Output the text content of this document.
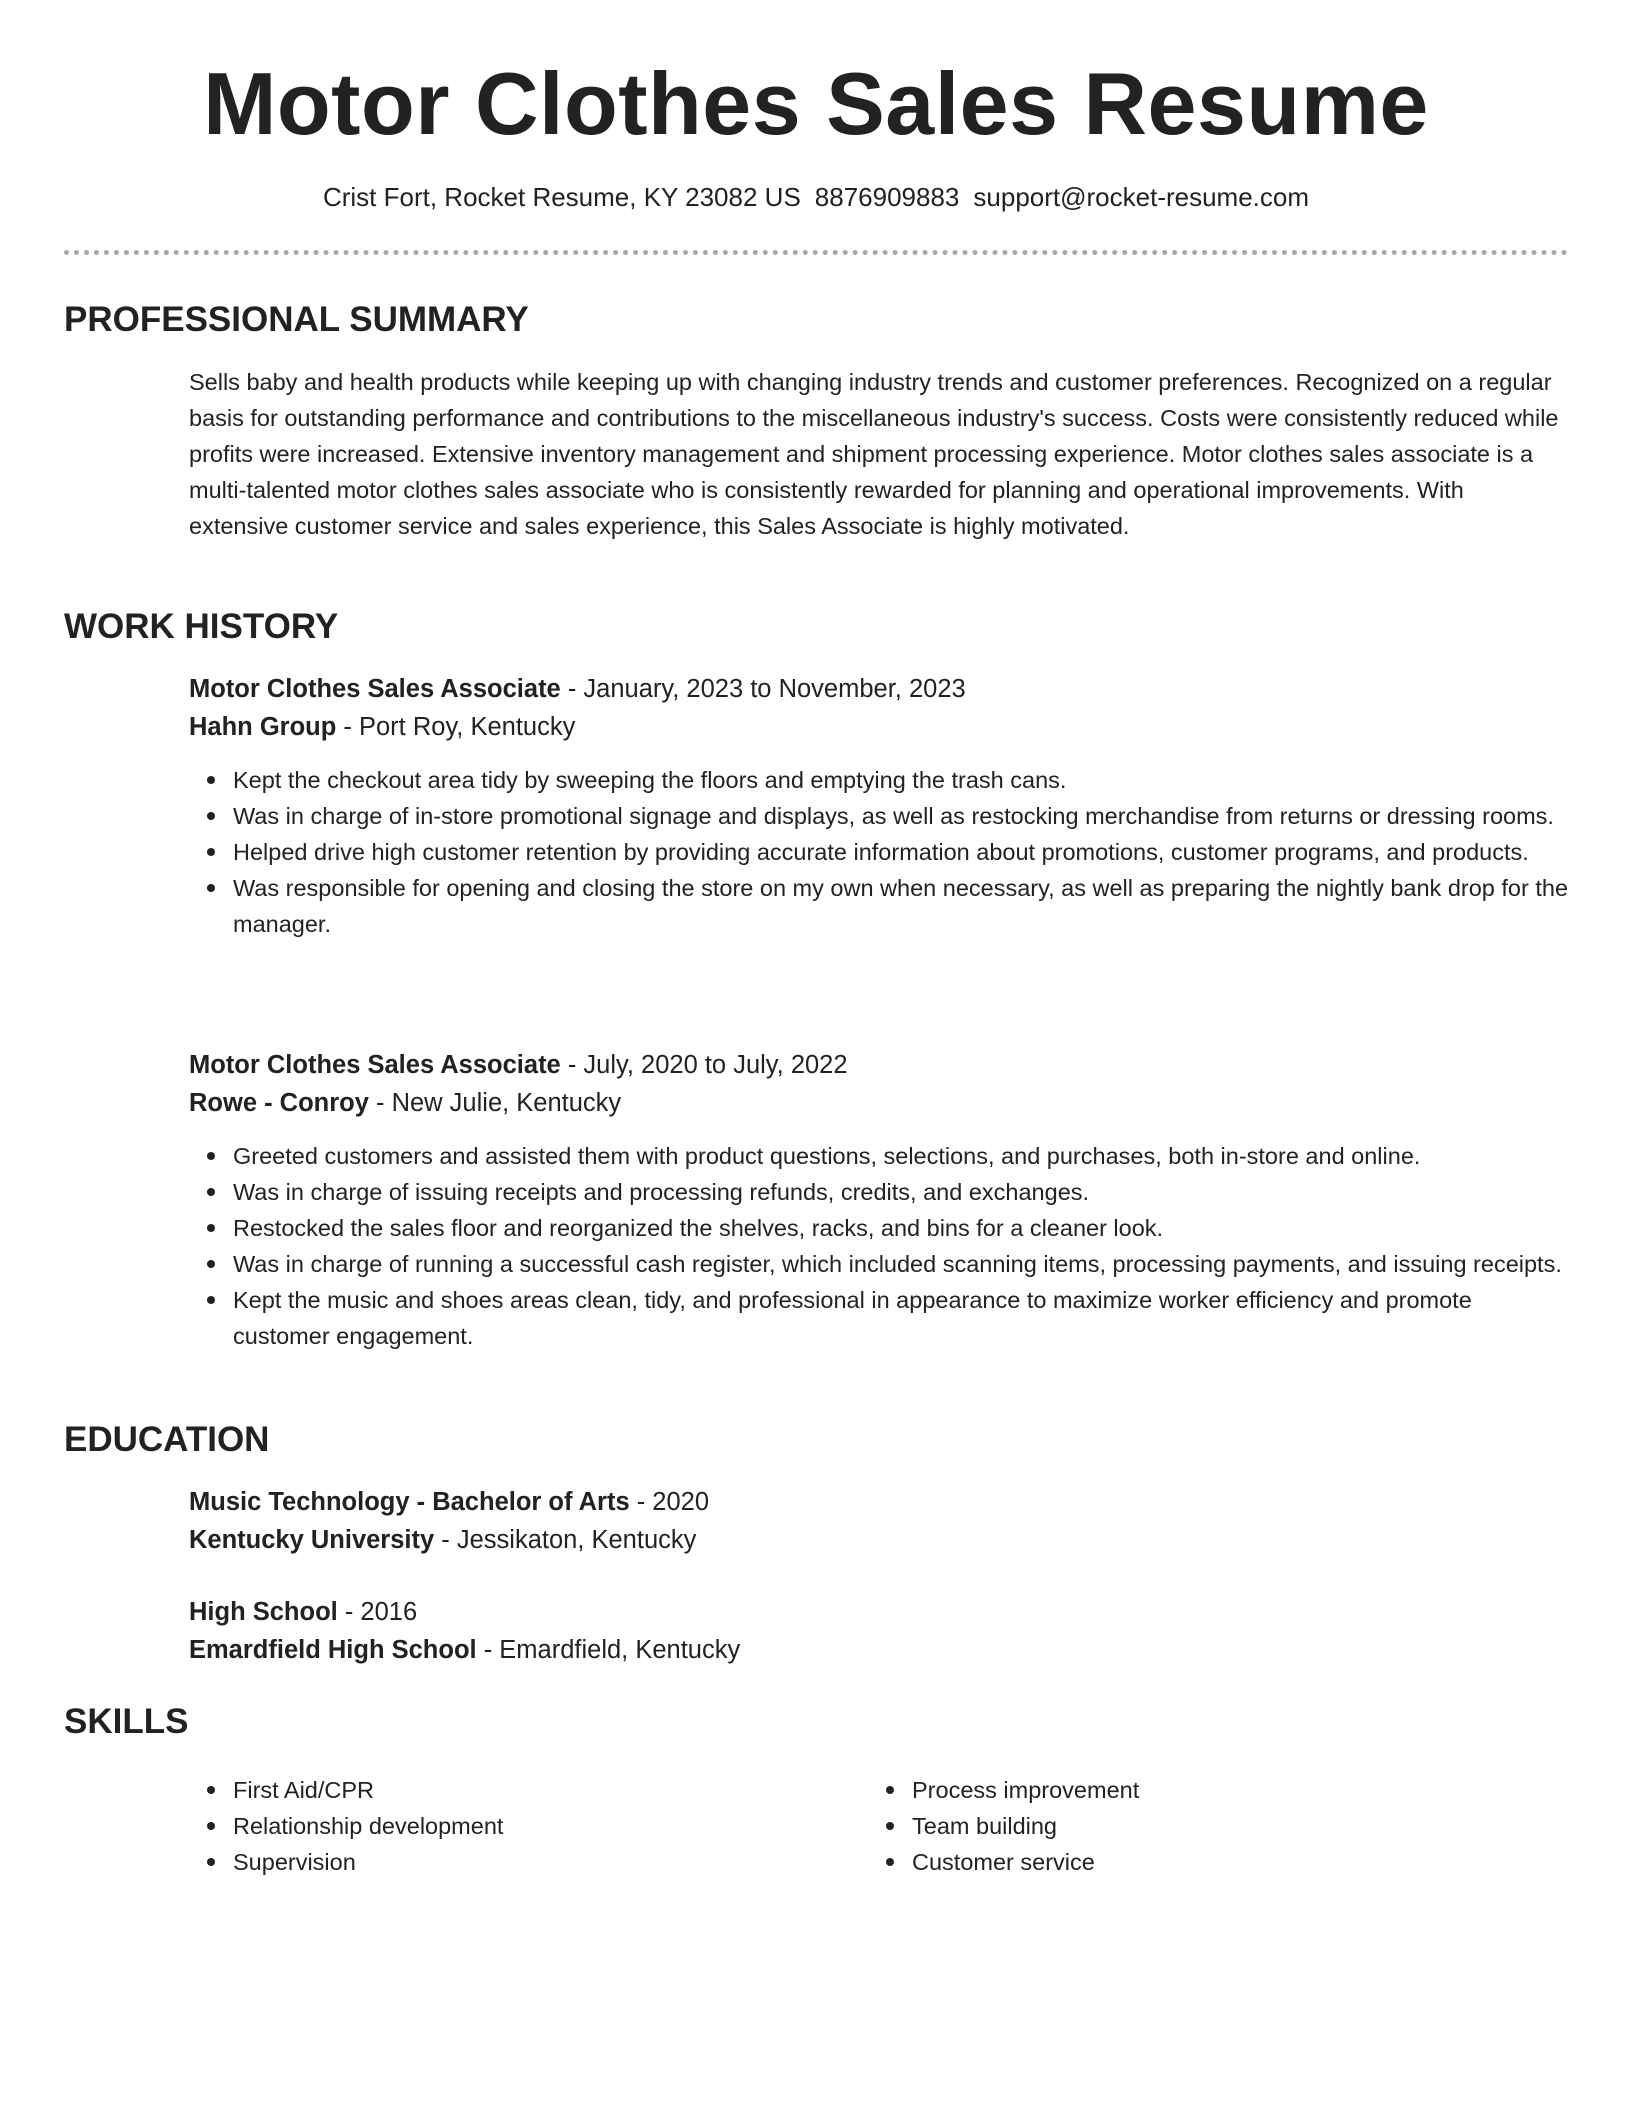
Motor Clothes Sales Resume
Crist Fort, Rocket Resume, KY 23082 US 8876909883 support@rocket-resume.com
PROFESSIONAL SUMMARY
Sells baby and health products while keeping up with changing industry trends and customer preferences. Recognized on a regular basis for outstanding performance and contributions to the miscellaneous industry's success. Costs were consistently reduced while profits were increased. Extensive inventory management and shipment processing experience. Motor clothes sales associate is a multi-talented motor clothes sales associate who is consistently rewarded for planning and operational improvements. With extensive customer service and sales experience, this Sales Associate is highly motivated.
WORK HISTORY
Motor Clothes Sales Associate - January, 2023 to November, 2023
Hahn Group - Port Roy, Kentucky
Kept the checkout area tidy by sweeping the floors and emptying the trash cans.
Was in charge of in-store promotional signage and displays, as well as restocking merchandise from returns or dressing rooms.
Helped drive high customer retention by providing accurate information about promotions, customer programs, and products.
Was responsible for opening and closing the store on my own when necessary, as well as preparing the nightly bank drop for the manager.
Motor Clothes Sales Associate - July, 2020 to July, 2022
Rowe - Conroy - New Julie, Kentucky
Greeted customers and assisted them with product questions, selections, and purchases, both in-store and online.
Was in charge of issuing receipts and processing refunds, credits, and exchanges.
Restocked the sales floor and reorganized the shelves, racks, and bins for a cleaner look.
Was in charge of running a successful cash register, which included scanning items, processing payments, and issuing receipts.
Kept the music and shoes areas clean, tidy, and professional in appearance to maximize worker efficiency and promote customer engagement.
EDUCATION
Music Technology - Bachelor of Arts - 2020
Kentucky University - Jessikaton, Kentucky
High School - 2016
Emardfield High School - Emardfield, Kentucky
SKILLS
First Aid/CPR
Relationship development
Supervision
Process improvement
Team building
Customer service
